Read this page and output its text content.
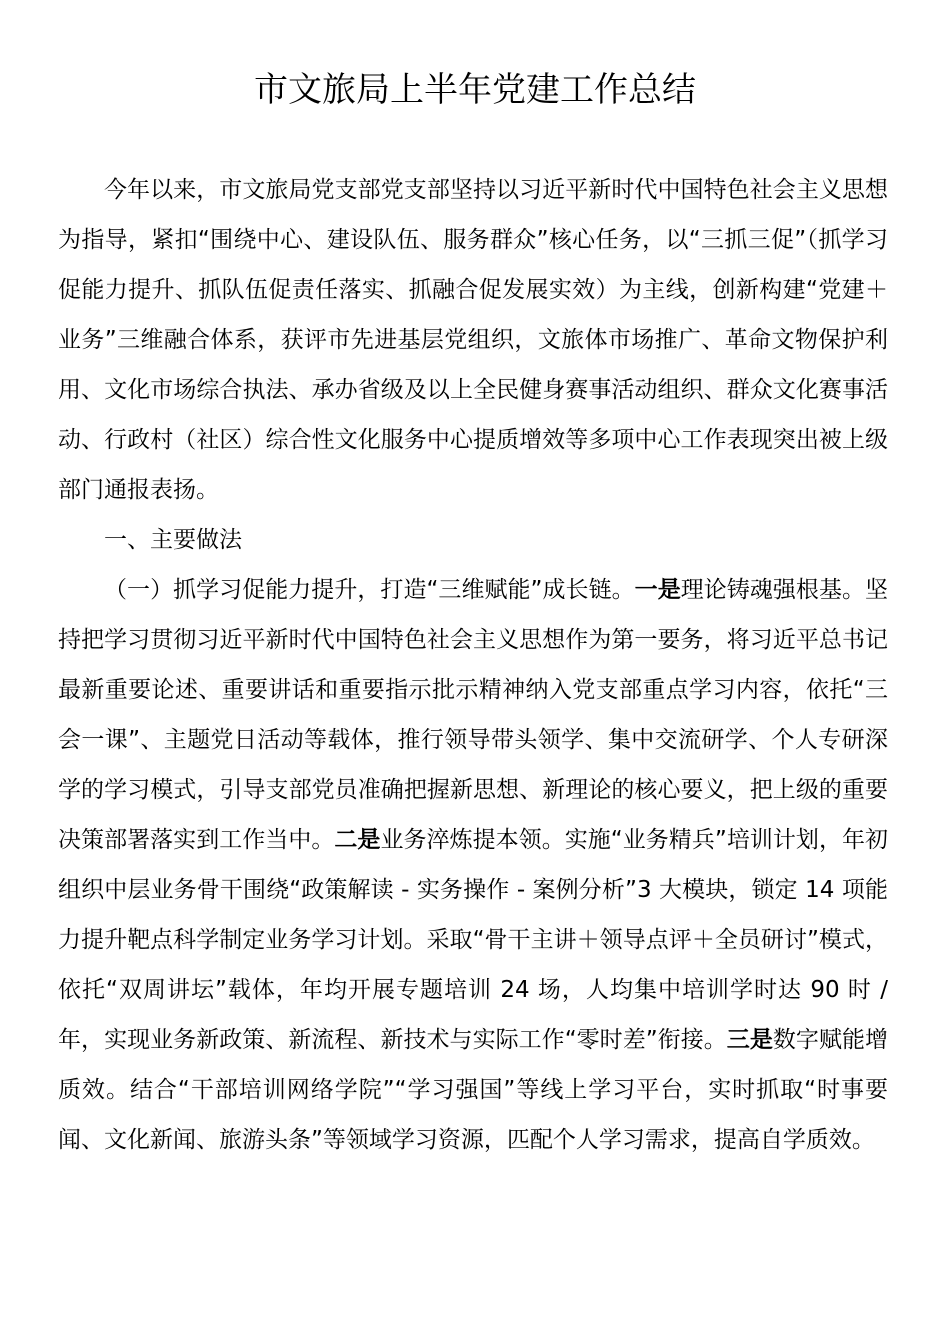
市文旅局上半年党建工作总结

今年以来，市文旅局党支部党支部坚持以习近平新时代中国特色社会主义思想为指导，紧扣“围绕中心、建设队伍、服务群众”核心任务，以“三抓三促”（抓学习促能力提升、抓队伍促责任落实、抓融合促发展实效）为主线，创新构建“党建＋业务”三维融合体系，获评市先进基层党组织，文旅体市场推广、革命文物保护利用、文化市场综合执法、承办省级及以上全民健身赛事活动组织、群众文化赛事活动、行政村（社区）综合性文化服务中心提质增效等多项中心工作表现突出被上级部门通报表扬。

一、主要做法

（一）抓学习促能力提升，打造“三维赋能”成长链。一是理论铸魂强根基。坚持把学习贯彻习近平新时代中国特色社会主义思想作为第一要务，将习近平总书记最新重要论述、重要讲话和重要指示批示精神纳入党支部重点学习内容，依托“三会一课”、主题党日活动等载体，推行领导带头领学、集中交流研学、个人专研深学的学习模式，引导支部党员准确把握新思想、新理论的核心要义，把上级的重要决策部署落实到工作当中。二是业务淬炼提本领。实施“业务精兵”培训计划，年初组织中层业务骨干围绕“政策解读 - 实务操作 - 案例分析”3 大模块，锁定 14 项能力提升靶点科学制定业务学习计划。采取“骨干主讲＋领导点评＋全员研讨”模式，依托“双周讲坛”载体，年均开展专题培训 24 场，人均集中培训学时达 90 时 / 年，实现业务新政策、新流程、新技术与实际工作“零时差”衔接。三是数字赋能增质效。结合“干部培训网络学院”“学习强国”等线上学习平台，实时抓取“时事要闻、文化新闻、旅游头条”等领域学习资源，匹配个人学习需求，提高自学质效。
